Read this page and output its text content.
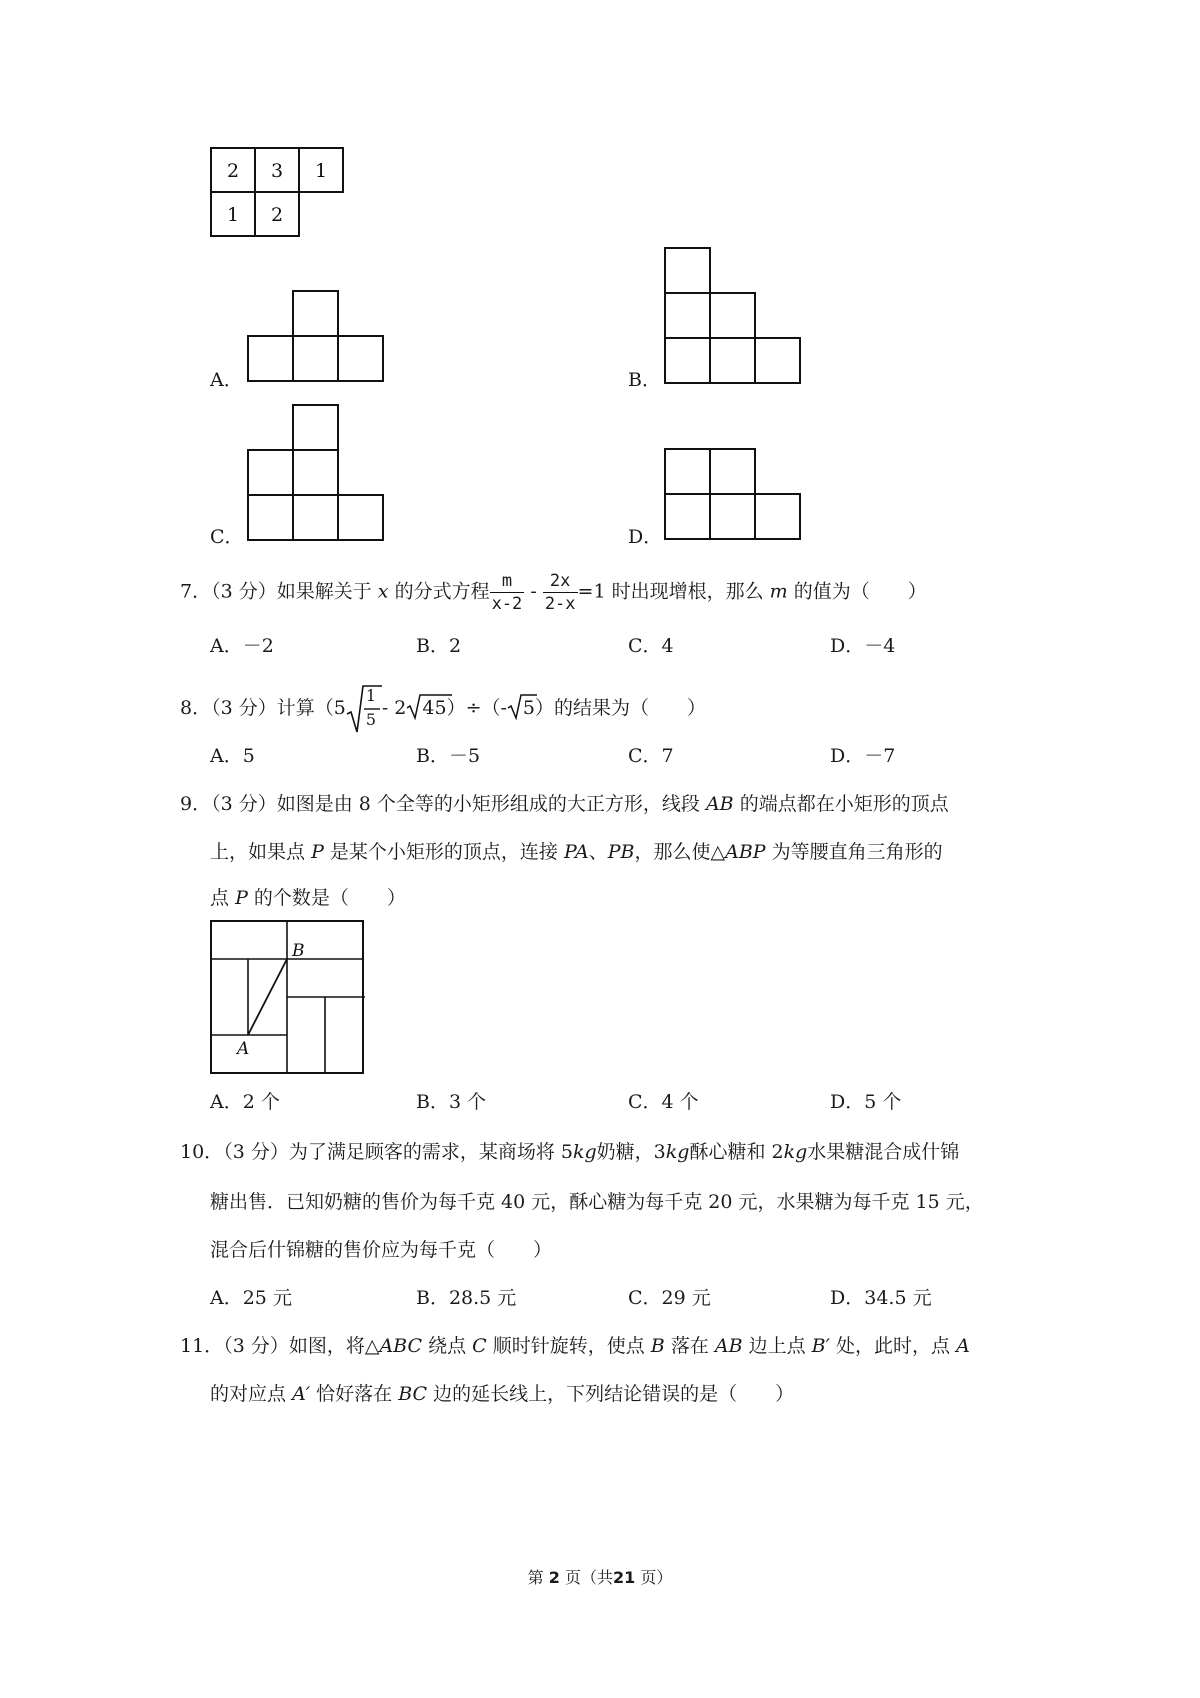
2 3 1
1 2
A．	B．
C．	D．
7．（3 分）如果解关于 x 的分式方程 $\frac{m}{x-2} - \frac{2x}{2-x} =1$ 时出现增根，那么 m 的值为（　　）
A．－2	B．2	C．4	D．－4
8．（3 分）计算（5
1
5
- 2 45）÷（- 5）的结果为（　　）
A．5	B．－5	C．7	D．－7
9．（3 分）如图是由 8 个全等的小矩形组成的大正方形，线段 AB 的端点都在小矩形的顶点
上，如果点 P 是某个小矩形的顶点，连接 PA、PB，那么使△ABP 为等腰直角三角形的
点 P 的个数是（　　）
B
A
A．2 个	B．3 个	C．4 个	D．5 个
10．（3 分）为了满足顾客的需求，某商场将 5kg奶糖，3kg酥心糖和 2kg水果糖混合成什锦
糖出售．已知奶糖的售价为每千克 40 元，酥心糖为每千克 20 元，水果糖为每千克 15 元，
混合后什锦糖的售价应为每千克（　　）
A．25 元	B．28.5 元	C．29 元	D．34.5 元
11．（3 分）如图，将△ABC 绕点 C 顺时针旋转，使点 B 落在 AB 边上点 B′ 处，此时，点 A
的对应点 A′ 恰好落在 BC 边的延长线上，下列结论错误的是（　　）
第 2 页（共21 页）
